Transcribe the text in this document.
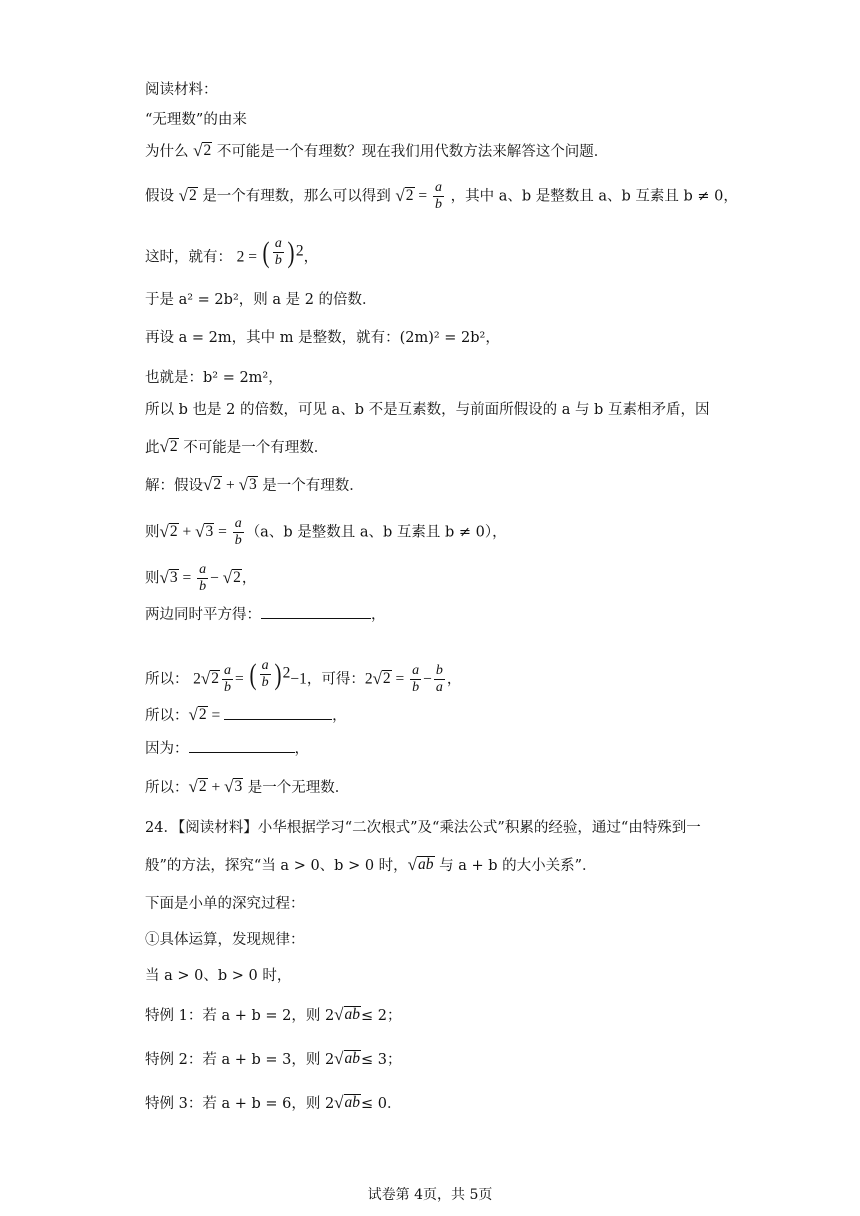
阅读材料：
“无理数”的由来
为什么 √ 2 不可能是一个有理数？现在我们用代数方法来解答这个问题．
假设 √ 2 是一个有理数，那么可以得到 √ $2 = \frac{a}{b}$ ，其中 a、b 是整数且 a、b 互素且 b ≠ 0，
这时，就有： 2 = ( $\frac{a}{b}$ ) $^2$，
于是 a² = 2b²，则 a 是 2 的倍数．
再设 a = 2m，其中 m 是整数，就有：(2m)² = 2b²，
也就是：b² = 2m²，
所以 b 也是 2 的倍数，可见 a、b 不是互素数，与前面所假设的 a 与 b 互素相矛盾，因
此 √ 2 不可能是一个有理数．
解：假设 √ 2 + √ 3 是一个有理数．
则 √ 2 + √ $3 = \frac{a}{b} (a$、b 是整数且 a、b 互素且 b ≠ 0），
则 √ $3 = \frac{a}{b}$ − √ 2 ，
两边同时平方得：	，
所以： 2 √ $2 \frac{a}{b}$ = ( $\frac{a}{b}$ ) $^2$−1，可得：2 √ $2 = \frac{a}{b} - \frac{b}{a}$ ，
所以： √ 2 =	，
因为：	，
所以： √ 2 + √ 3 是一个无理数．
24．【阅读材料】小华根据学习“二次根式”及“乘法公式”积累的经验，通过“由特殊到一
般”的方法，探究“当 a > 0、b > 0 时， √ ab 与 a + b 的大小关系”．
下面是小单的深究过程：
①具体运算，发现规律：
当 a > 0、b > 0 时，
特例 1：若 a + b = 2，则 2 √ ab ≤ 2；
特例 2：若 a + b = 3，则 2 √ ab ≤ 3；
特例 3：若 a + b = 6，则 2 √ ab ≤ 0．
试卷第 4页，共 5页
